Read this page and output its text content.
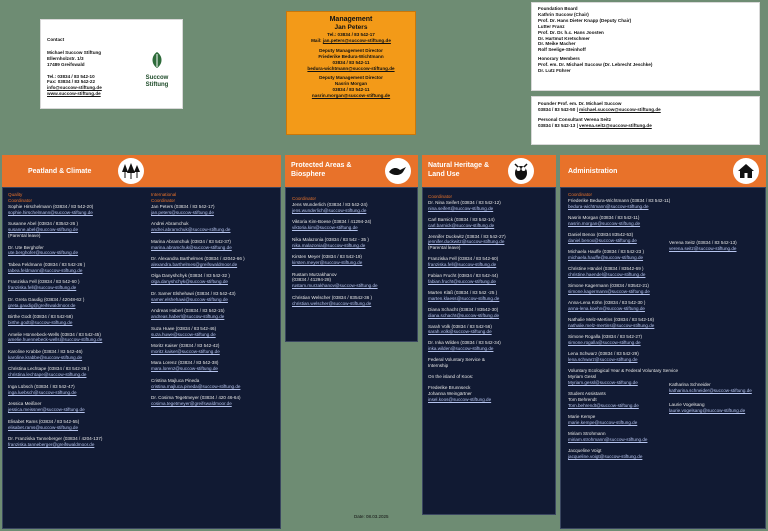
Contact
Michael Succow Stiftung
Ellernholzstr. 1/3
17489 Greifswald

Tel.: 03834 / 83 542-10
Fax: 03834 / 83 542-22
info@succow-stiftung.de
www.succow-stiftung.de
Succow
Stiftung
Management
Jan Peters
Tel.: 03834 / 83 542-17
Mail: jan.peters@succow-stiftung.de
Deputy Management Director
Friederike Bedura-Wichtmann
03834 / 83 542-11
bedura-wichtmann@succow-stiftung.de
Deputy Management Director
Nasrin Morgan
03834 / 83 542-11
nasrin.morgan@succow-stiftung.de
Foundation Board
Kathrin Succow (Chair)
Prof. Dr. Hans Dieter Knapp (Deputy Chair)
Lutter Franz
Prof. Dr. Dr. h.c. Hans Joosten
Dr. Hartmut Kretschmer
Dr. Meike Macher
Rolf Seelige-Steinhoff
Honorary Members
Prof. em. Dr. Michael Succow (Dr. Lebrecht Jeschke)
Dr. Lutz Führer
Founder Prof. em. Dr. Michael Succow
03834 / 83 542-50 | michael.succow@succow-stiftung.de
Personal Consultant Verena Seitz
03834 / 83 542-13 | verena.seitz@succow-stiftung.de
Peatland & Climate
Quality
Coordinator
Sophie Hirschelmann (03834 / 83 542-20)
sophie.hirschelmann@succow-stiftung.de
Susanne Abel (03834 / 83542-26 )
susanne.abel@succow-stiftung.de
(Parental leave)
Dr. Ute Berghofer
ute.berghofer@succow-stiftung.de
Tabea Feldmann (03834 / 83 542-26 )
tabea.feldmann@succow-stiftung.de
Franziska Fell (03834 / 83 542-60 )
franziska.fell@succow-stiftung.de
Dr. Greta Gaudig (03834 / 42048-62 )
greta.gaudig@greifswaldmoor.de
Birthe Godt (03834 / 83 542-58)
birthe.godt@succow-stiftung.de
Amelie Hünnebeck-Wells (03834 / 83 542-45)
amelie.huennebeck-wells@succow-stiftung.de
Karoline Krabbe (03834 / 83 542-46)
karoline.krabbe@succow-stiftung.de
Christina Lechtape (03834 / 83 542-26 )
christina.lechtape@succow-stiftung.de
Inga Lübsch (03834 / 83 542-47)
inga.luebsch@succow-stiftung.de
Jessica Meißner
jessica.meissner@succow-stiftung.de
Elisabet Rams (03834 / 83 542-55)
elisabet.rams@succow-stiftung.de
Dr. Franziska Tanneberger (03834 / 4204-137)
franziska.tanneberger@greifswaldmoor.de
International
Coordinator
Jan Peters (03834 / 83 542-17)
jan.peters@succow-stiftung.de
Andrei Abramchuk
andrei.abramchuk@succow-stiftung.de
Marina Abramchuk (03834 / 83 542-37)
marina.abramchuk@succow-stiftung.de
Dr. Alexandra Barthelmes (03834 / 42042-66 )
alexandra.barthelmes@greifswaldmoor.de
Olga Danyshchyk (03834 / 83 542-32 )
olga.danyshchyk@succow-stiftung.de
Dr. Samer Elshehawi (03834 / 83 542-43)
samer.elshehawi@succow-stiftung.de
Andreas Haberl (03834 / 83 542-15)
andreas.haberl@succow-stiftung.de
Suza Huwe (03834 / 83 542-46)
suza.huwe@succow-stiftung.de
Moritz Kaiser (03834 / 83 542-42)
moritz.kaiser@succow-stiftung.de
Mara Lorenz (03834 / 83 542-38)
mara.lorenz@succow-stiftung.de
Cristina Majluca Pineda
cristina.majluca.pineda@succow-stiftung.de
Dr. Cosima Tegetmeyer (03834 / 420 46-64)
cosima.tegetmeyer@greifswaldmoor.de
Protected Areas &
Biosphere
Coordinator
Jens Wunderlich (03834 / 83 542-24)
jens.wunderlich@succow-stiftung.de
Viktoria Kim-Boese (03834 / 41294-24)
viktoria.kim@succow-stiftung.de
Nika Malazonia (03834 / 83 542 - 35 )
nika.malazonia@succow-stiftung.de
Kirsten Meyer (03834 / 83 542-19)
kirsten.meyer@succow-stiftung.de
Rustam Murzakhanov
(03834 / 41294-28)
rustam.murzakhanov@succow-stiftung.de
Christian Welscher (03834 / 83542-36 )
christian.welscher@succow-stiftung.de
Natural Heritage &
Land Use
Coordinator
Dr. Nina Seifert (03834 / 83 542-12)
nina.seifert@succow-stiftung.de
Carl Barnick (03834 / 83 542-14)
carl.barnick@succow-stiftung.de
Jennifer Duckwitz (03834 / 83 542-27)
jennifer.duckwitz@succow-stiftung.de
(Parental leave)
Franziska Fell (03834 / 83 542-60)
franziska.fell@succow-stiftung.de
Fabian Frucht (03834 / 83 542-44)
fabian.frucht@succow-stiftung.de
Marten Kläß (03834 / 83 542 -25 )
marten.klaess@succow-stiftung.de
Diana Schacht (03834 / 83542-30)
diana.schacht@succow-stiftung.de
Sarah Volk (03834 / 83 542-56)
sarah.volk@succow-stiftung.de
Dr. Inka Wilden (03834 / 83 542-34)
inka.wilden@succow-stiftung.de
Federal Voluntary Service &
Internship
On the island of Koos:
Frederike Brunnseck
Johanna Weingärtner
insel.koos@succow-stiftung.de
Administration
Coordinator
Friederike Bedura-Wichtmann (03834 / 83 542-11)
bedura-wichtmann@succow-stiftung.de
Nasrin Morgan (03834 / 83 542-11)
nasrin.morgan@succow-stiftung.de
Daniel Benox (03834 83542-53)
daniel.benox@succow-stiftung.de
Michaela Hauffe (03834 / 83 542-23 )
michaela.hauffe@succow-stiftung.de
Christine Händel (03834 / 83542-69 )
christine.haendel@succow-stiftung.de
Simone Kagermann (03834 / 83542-21)
simone.kagermann@succow-stiftung.de
Anna-Lena Köhn (03834 / 83 542-30 )
anna-lena.koehn@succow-stiftung.de
Nathalie Melz-Mertins (03834 / 83 542-16)
nathalie.melz-mertins@succow-stiftung.de
Simone Rogalla (03834 / 83 542-27)
simone.rogalla@succow-stiftung.de
Lena Schwarz (03834 / 83 542-29)
lena.schwarz@succow-stiftung.de
Voluntary Ecological Year & Federal Voluntary Service
Myriam Gessl
Myriam.gessl@succow-stiftung.de
Student Assistants
Tom Behrendt
Tom.behrendt@succow-stiftung.de
Marie Kempe
marie.kempe@succow-stiftung.de
Miriam Strohmann
miriam.strohmann@succow-stiftung.de
Jacqueline Voigt
jacqueline.voigt@succow-stiftung.de
Verena Seitz (03834 / 83 542-13)
verena.seitz@succow-stiftung.de
Katharina Schneider
katharina.schneider@succow-stiftung.de
Laurie Vogelsang
laurie.vogelsang@succow-stiftung.de
Date: 08.03.2025
